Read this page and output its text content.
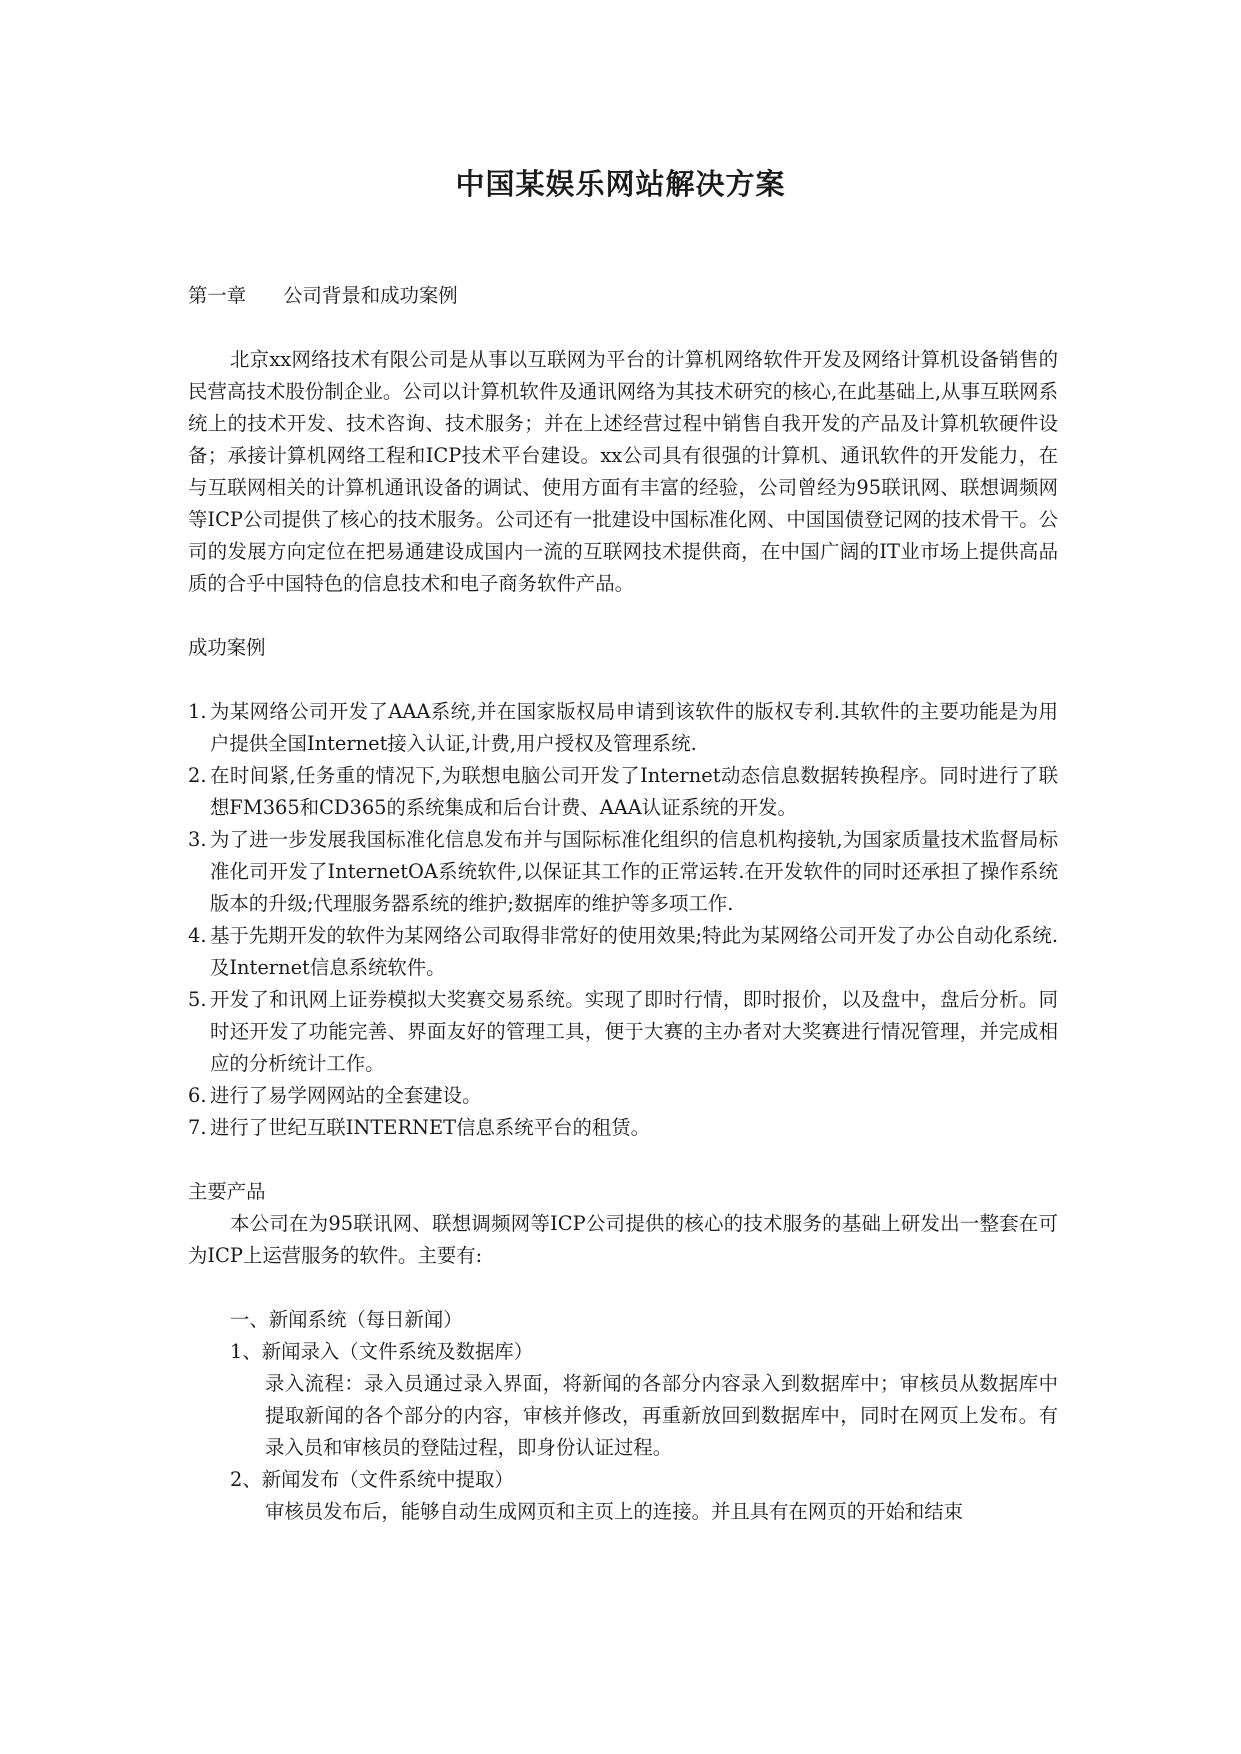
中国某娱乐网站解决方案

第一章 公司背景和成功案例

北京xx网络技术有限公司是从事以互联网为平台的计算机网络软件开发及网络计算机设备销售的民营高技术股份制企业。公司以计算机软件及通讯网络为其技术研究的核心,在此基础上,从事互联网系统上的技术开发、技术咨询、技术服务；并在上述经营过程中销售自我开发的产品及计算机软硬件设备；承接计算机网络工程和ICP技术平台建设。xx公司具有很强的计算机、通讯软件的开发能力，在与互联网相关的计算机通讯设备的调试、使用方面有丰富的经验，公司曾经为95联讯网、联想调频网等ICP公司提供了核心的技术服务。公司还有一批建设中国标准化网、中国国债登记网的技术骨干。公司的发展方向定位在把易通建设成国内一流的互联网技术提供商，在中国广阔的IT业市场上提供高品质的合乎中国特色的信息技术和电子商务软件产品。

成功案例

1. 为某网络公司开发了AAA系统,并在国家版权局申请到该软件的版权专利.其软件的主要功能是为用户提供全国Internet接入认证,计费,用户授权及管理系统.
2. 在时间紧,任务重的情况下,为联想电脑公司开发了Internet动态信息数据转换程序。同时进行了联想FM365和CD365的系统集成和后台计费、AAA认证系统的开发。
3. 为了进一步发展我国标准化信息发布并与国际标准化组织的信息机构接轨,为国家质量技术监督局标准化司开发了InternetOA系统软件,以保证其工作的正常运转.在开发软件的同时还承担了操作系统版本的升级;代理服务器系统的维护;数据库的维护等多项工作.
4. 基于先期开发的软件为某网络公司取得非常好的使用效果;特此为某网络公司开发了办公自动化系统.及Internet信息系统软件。
5. 开发了和讯网上证券模拟大奖赛交易系统。实现了即时行情，即时报价，以及盘中，盘后分析。同时还开发了功能完善、界面友好的管理工具，便于大赛的主办者对大奖赛进行情况管理，并完成相应的分析统计工作。
6. 进行了易学网网站的全套建设。
7. 进行了世纪互联INTERNET信息系统平台的租赁。

主要产品

本公司在为95联讯网、联想调频网等ICP公司提供的核心的技术服务的基础上研发出一整套在可为ICP上运营服务的软件。主要有:

一、新闻系统（每日新闻）

1、新闻录入（文件系统及数据库）

录入流程：录入员通过录入界面，将新闻的各部分内容录入到数据库中；审核员从数据库中提取新闻的各个部分的内容，审核并修改，再重新放回到数据库中，同时在网页上发布。有录入员和审核员的登陆过程，即身份认证过程。

2、新闻发布（文件系统中提取）

审核员发布后，能够自动生成网页和主页上的连接。并且具有在网页的开始和结束
